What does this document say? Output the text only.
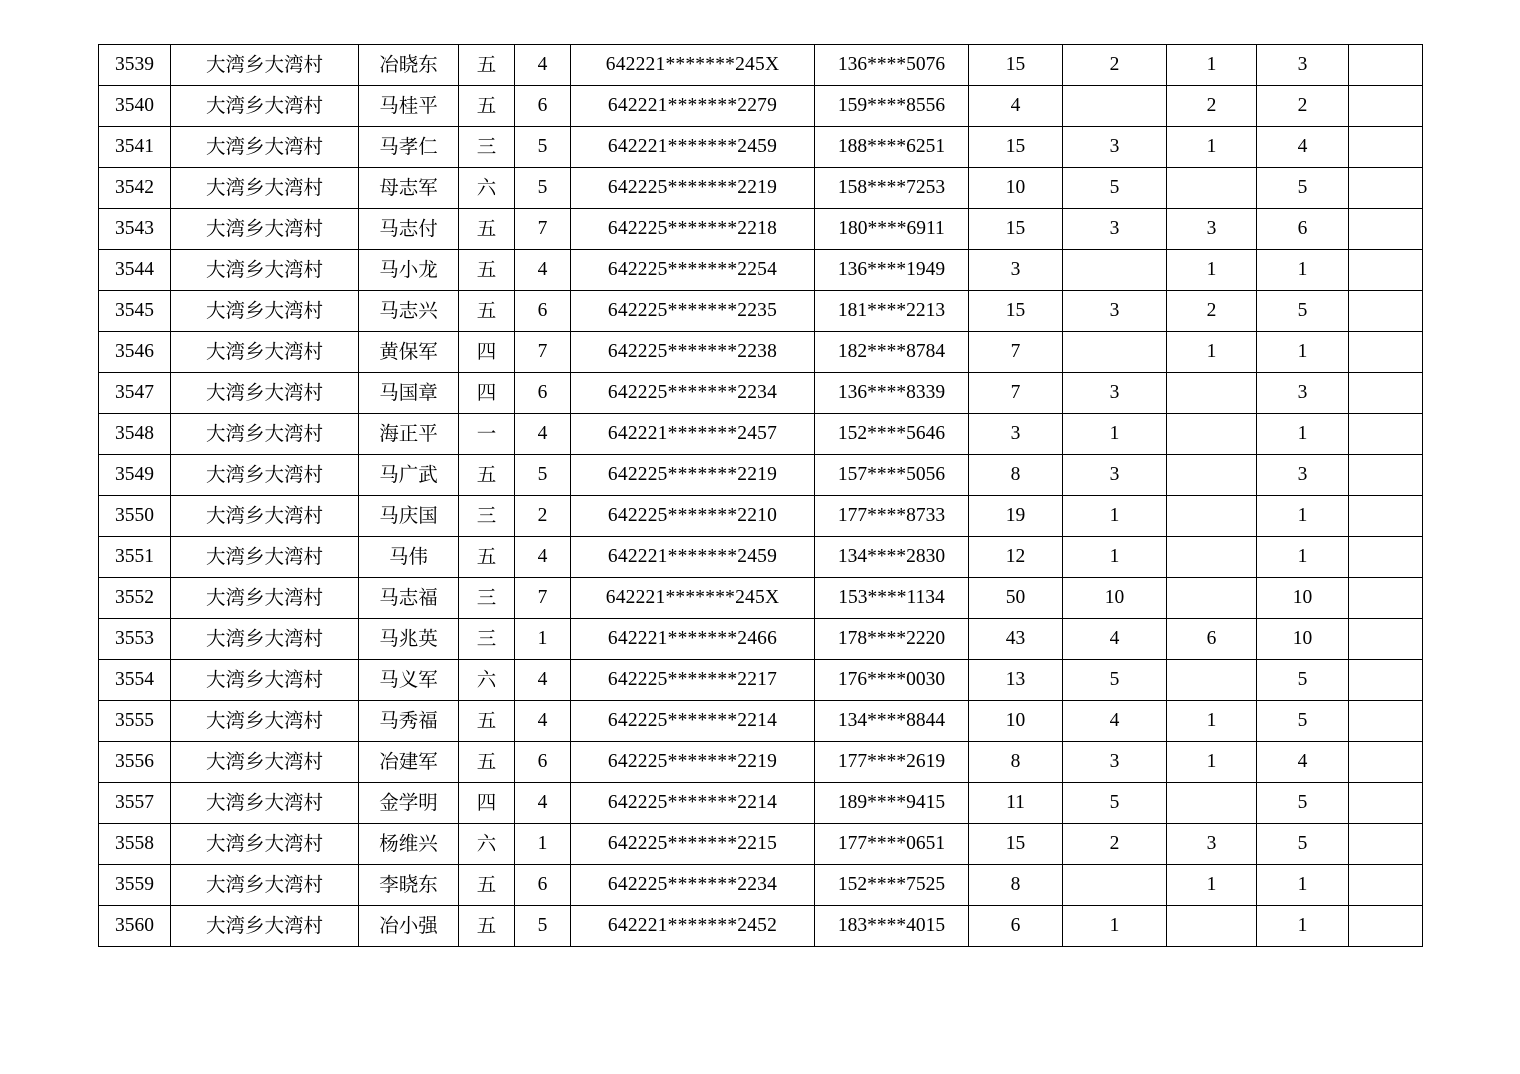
3539	大湾乡大湾村	冶晓东	五	4	642221*******245X	136****5076	15	2	1	3	
3540	大湾乡大湾村	马桂平	五	6	642221*******2279	159****8556	4		2	2	
3541	大湾乡大湾村	马孝仁	三	5	642221*******2459	188****6251	15	3	1	4	
3542	大湾乡大湾村	母志军	六	5	642225*******2219	158****7253	10	5		5	
3543	大湾乡大湾村	马志付	五	7	642225*******2218	180****6911	15	3	3	6	
3544	大湾乡大湾村	马小龙	五	4	642225*******2254	136****1949	3		1	1	
3545	大湾乡大湾村	马志兴	五	6	642225*******2235	181****2213	15	3	2	5	
3546	大湾乡大湾村	黄保军	四	7	642225*******2238	182****8784	7		1	1	
3547	大湾乡大湾村	马国章	四	6	642225*******2234	136****8339	7	3		3	
3548	大湾乡大湾村	海正平	一	4	642221*******2457	152****5646	3	1		1	
3549	大湾乡大湾村	马广武	五	5	642225*******2219	157****5056	8	3		3	
3550	大湾乡大湾村	马庆国	三	2	642225*******2210	177****8733	19	1		1	
3551	大湾乡大湾村	马伟	五	4	642221*******2459	134****2830	12	1		1	
3552	大湾乡大湾村	马志福	三	7	642221*******245X	153****1134	50	10		10	
3553	大湾乡大湾村	马兆英	三	1	642221*******2466	178****2220	43	4	6	10	
3554	大湾乡大湾村	马义军	六	4	642225*******2217	176****0030	13	5		5	
3555	大湾乡大湾村	马秀福	五	4	642225*******2214	134****8844	10	4	1	5	
3556	大湾乡大湾村	冶建军	五	6	642225*******2219	177****2619	8	3	1	4	
3557	大湾乡大湾村	金学明	四	4	642225*******2214	189****9415	11	5		5	
3558	大湾乡大湾村	杨维兴	六	1	642225*******2215	177****0651	15	2	3	5	
3559	大湾乡大湾村	李晓东	五	6	642225*******2234	152****7525	8		1	1	
3560	大湾乡大湾村	冶小强	五	5	642221*******2452	183****4015	6	1		1	
